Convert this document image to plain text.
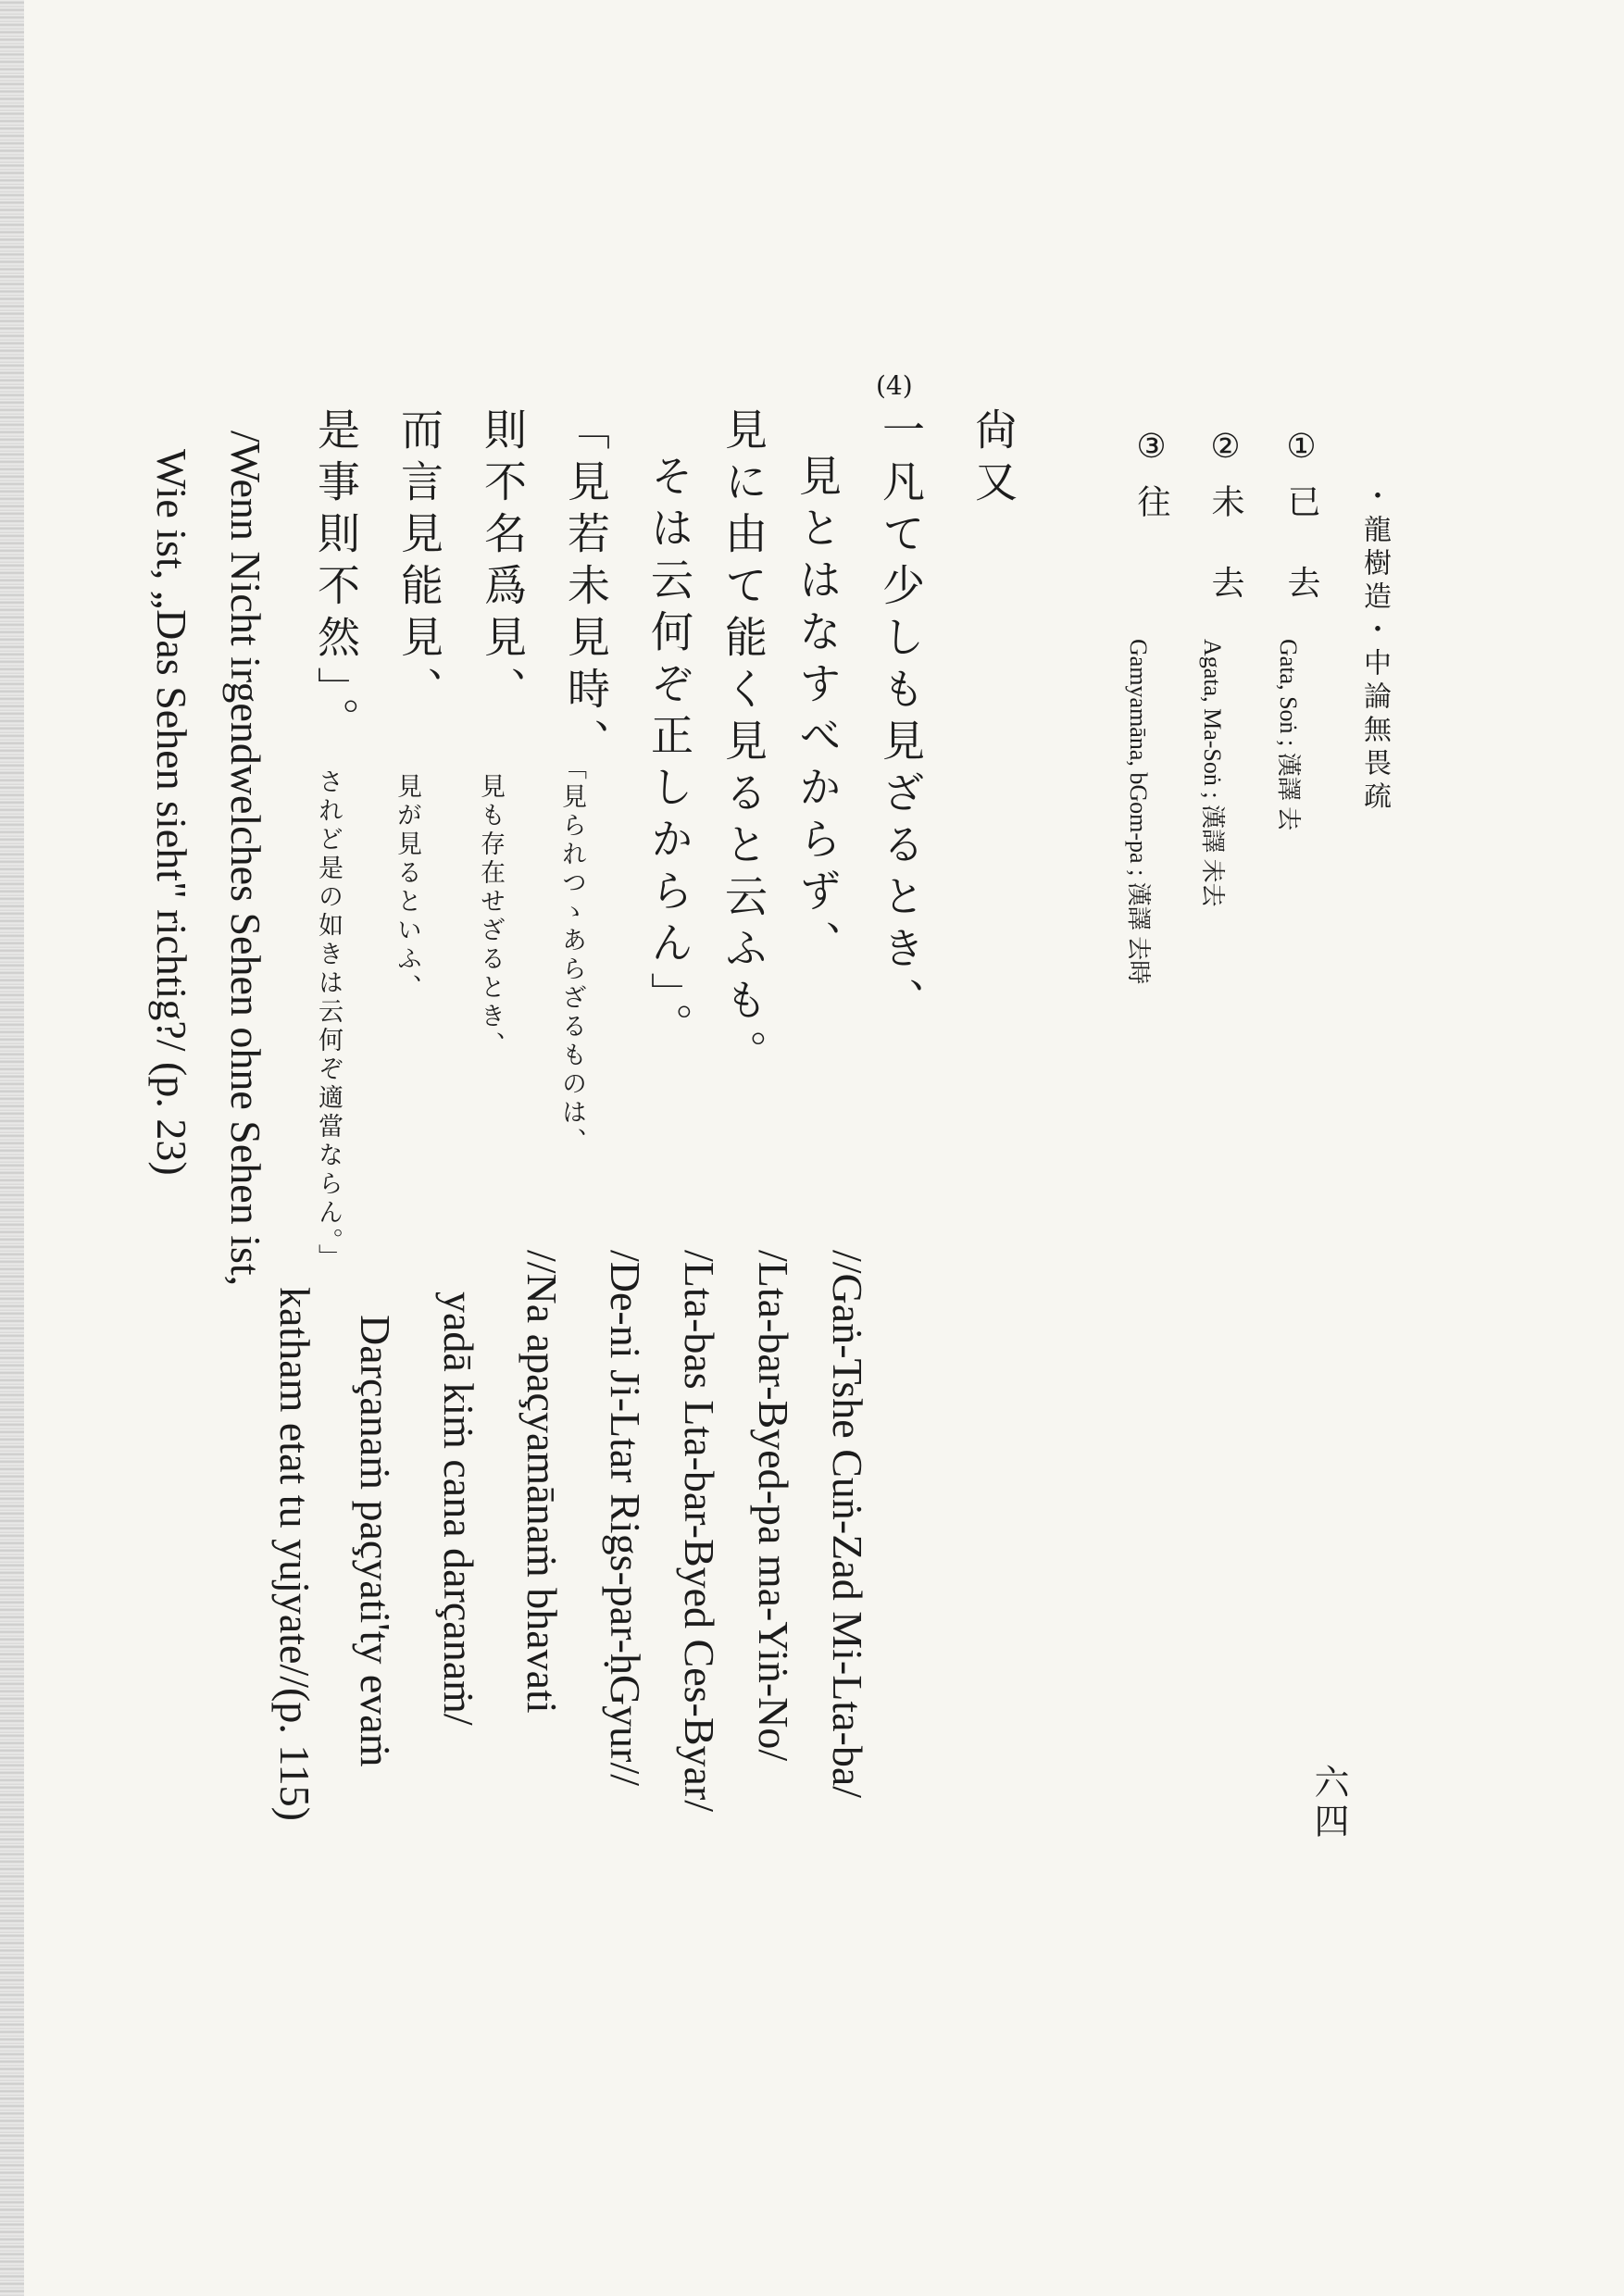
・龍樹造・中論無畏疏
六四
①已 去
Gata, Soṅ ; 漢譯 去
②未 去
Agata, Ma-Soṅ ; 漢譯 未去
③往
Gamyamāna, bGom-pa ; 漢譯 去時
尙又
(4)
一凡て少しも見ざるとき、
見とはなすべからず、
見に由て能く見ると云ふも。
そは云何ぞ正しからん」。
「見若未見時、
則不名爲見、
而言見能見、
是事則不然」。
「見られつゝあらざるものは、
見も存在せざるとき、
見が見るといふ、
されど是の如きは云何ぞ適當ならん。」
//Gaṅ-Tshe Cuṅ-Zad Mi-Lta-ba/
/Lta-bar-Byed-pa ma-Yiṅ-No/
/Lta-bas Lta-bar-Byed Ces-Byar/
/De-ni Ji-Ltar Rigs-par-ḥGyur//
//Na apaçyamānaṁ bhavati
yadā kiṁ cana darçanaṁ/
Darçanaṁ paçyati'ty evaṁ
katham etat tu yujyate//(p. 115)
/Wenn Nicht irgendwelches Sehen ohne Sehen ist,
Wie ist, „Das Sehen sieht" richtig?/ (p. 23)
